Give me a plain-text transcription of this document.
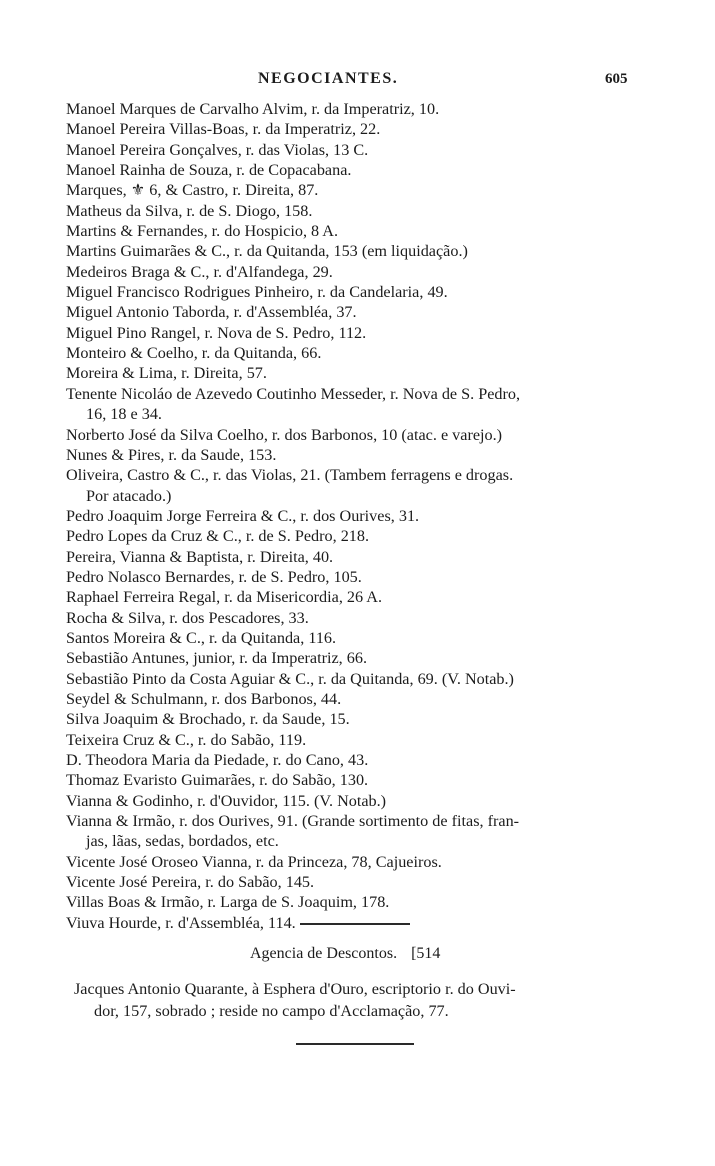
NEGOCIANTES.	605
Manoel Marques de Carvalho Alvim, r. da Imperatriz, 10.
Manoel Pereira Villas-Boas, r. da Imperatriz, 22.
Manoel Pereira Gonçalves, r. das Violas, 13 C.
Manoel Rainha de Souza, r. de Copacabana.
Marques, ⚜ 6, & Castro, r. Direita, 87.
Matheus da Silva, r. de S. Diogo, 158.
Martins & Fernandes, r. do Hospicio, 8 A.
Martins Guimarães & C., r. da Quitanda, 153 (em liquidação.)
Medeiros Braga & C., r. d'Alfandega, 29.
Miguel Francisco Rodrigues Pinheiro, r. da Candelaria, 49.
Miguel Antonio Taborda, r. d'Assembléa, 37.
Miguel Pino Rangel, r. Nova de S. Pedro, 112.
Monteiro & Coelho, r. da Quitanda, 66.
Moreira & Lima, r. Direita, 57.
Tenente Nicoláo de Azevedo Coutinho Messeder, r. Nova de S. Pedro,
16, 18 e 34.
Norberto José da Silva Coelho, r. dos Barbonos, 10 (atac. e varejo.)
Nunes & Pires, r. da Saude, 153.
Oliveira, Castro & C., r. das Violas, 21. (Tambem ferragens e drogas.
Por atacado.)
Pedro Joaquim Jorge Ferreira & C., r. dos Ourives, 31.
Pedro Lopes da Cruz & C., r. de S. Pedro, 218.
Pereira, Vianna & Baptista, r. Direita, 40.
Pedro Nolasco Bernardes, r. de S. Pedro, 105.
Raphael Ferreira Regal, r. da Misericordia, 26 A.
Rocha & Silva, r. dos Pescadores, 33.
Santos Moreira & C., r. da Quitanda, 116.
Sebastião Antunes, junior, r. da Imperatriz, 66.
Sebastião Pinto da Costa Aguiar & C., r. da Quitanda, 69. (V. Notab.)
Seydel & Schulmann, r. dos Barbonos, 44.
Silva Joaquim & Brochado, r. da Saude, 15.
Teixeira Cruz & C., r. do Sabão, 119.
D. Theodora Maria da Piedade, r. do Cano, 43.
Thomaz Evaristo Guimarães, r. do Sabão, 130.
Vianna & Godinho, r. d'Ouvidor, 115. (V. Notab.)
Vianna & Irmão, r. dos Ourives, 91. (Grande sortimento de fitas, fran-
jas, lãas, sedas, bordados, etc.
Vicente José Oroseo Vianna, r. da Princeza, 78, Cajueiros.
Vicente José Pereira, r. do Sabão, 145.
Villas Boas & Irmão, r. Larga de S. Joaquim, 178.
Viuva Hourde, r. d'Assembléa, 114.
Agencia de Descontos. [514
Jacques Antonio Quarante, à Esphera d'Ouro, escriptorio r. do Ouvi-
dor, 157, sobrado ; reside no campo d'Acclamação, 77.
